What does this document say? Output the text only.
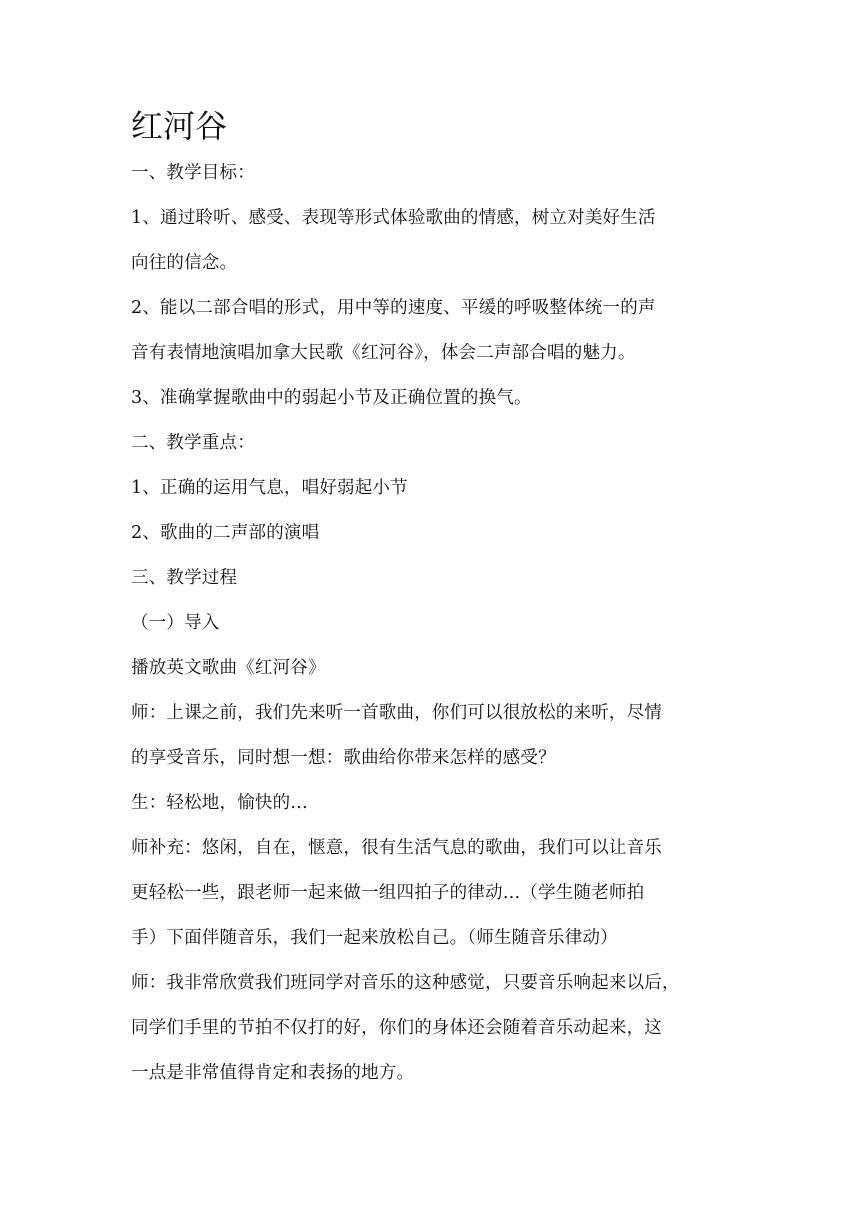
红河谷
一、教学目标：
1、通过聆听、感受、表现等形式体验歌曲的情感，树立对美好生活
向往的信念。
2、能以二部合唱的形式，用中等的速度、平缓的呼吸整体统一的声
音有表情地演唱加拿大民歌《红河谷》，体会二声部合唱的魅力。
3、准确掌握歌曲中的弱起小节及正确位置的换气。
二、教学重点：
1、正确的运用气息，唱好弱起小节
2、歌曲的二声部的演唱
三、教学过程
（一）导入
播放英文歌曲《红河谷》
师：上课之前，我们先来听一首歌曲，你们可以很放松的来听，尽情
的享受音乐，同时想一想：歌曲给你带来怎样的感受？
生：轻松地，愉快的…
师补充：悠闲，自在，惬意，很有生活气息的歌曲，我们可以让音乐
更轻松一些，跟老师一起来做一组四拍子的律动…（学生随老师拍
手）下面伴随音乐，我们一起来放松自己。（师生随音乐律动）
师：我非常欣赏我们班同学对音乐的这种感觉，只要音乐响起来以后，
同学们手里的节拍不仅打的好，你们的身体还会随着音乐动起来，这
一点是非常值得肯定和表扬的地方。
